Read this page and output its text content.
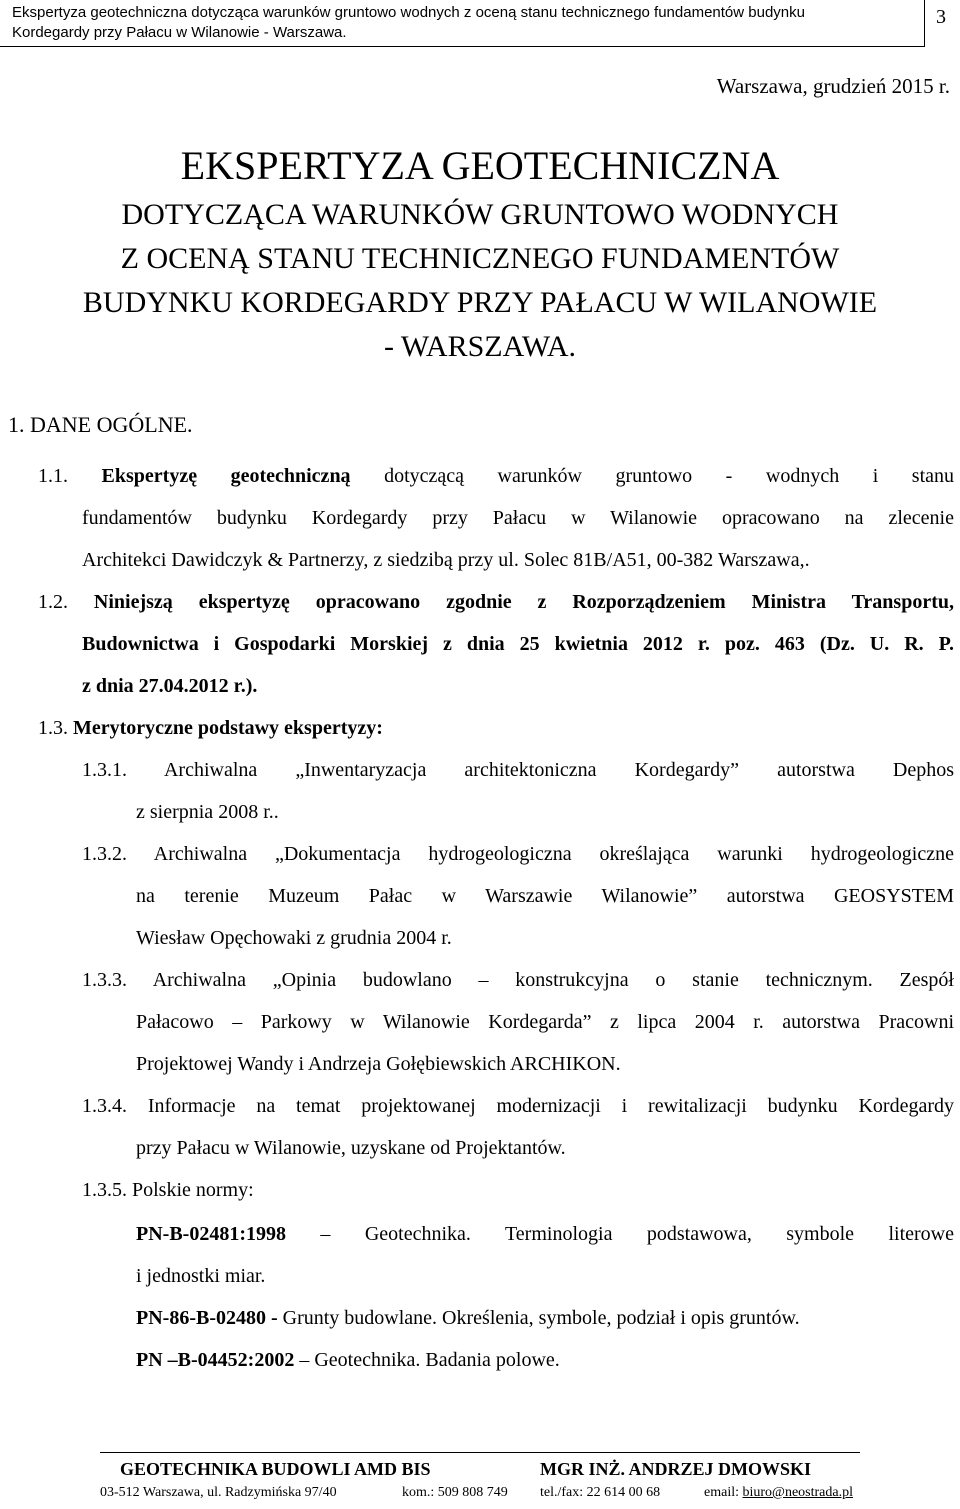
Ekspertyza geotechniczna dotycząca warunków gruntowo wodnych z oceną stanu technicznego fundamentów budynku
Kordegardy przy Pałacu w Wilanowie - Warszawa.
3
Warszawa, grudzień 2015 r.
EKSPERTYZA GEOTECHNICZNA
DOTYCZĄCA WARUNKÓW GRUNTOWO WODNYCH
Z OCENĄ STANU TECHNICZNEGO FUNDAMENTÓW
BUDYNKU KORDEGARDY PRZY PAŁACU W WILANOWIE
- WARSZAWA.
1. DANE OGÓLNE.
1.1. Ekspertyzę geotechniczną dotyczącą warunków gruntowo - wodnych i stanu
fundamentów budynku Kordegardy przy Pałacu w Wilanowie opracowano na zlecenie
Architekci Dawidczyk & Partnerzy, z siedzibą przy ul. Solec 81B/A51, 00-382 Warszawa,.
1.2. Niniejszą ekspertyzę opracowano zgodnie z Rozporządzeniem Ministra Transportu,
Budownictwa i Gospodarki Morskiej z dnia 25 kwietnia 2012 r. poz. 463 (Dz. U. R. P.
z dnia 27.04.2012 r.).
1.3. Merytoryczne podstawy ekspertyzy:
1.3.1. Archiwalna „Inwentaryzacja architektoniczna Kordegardy” autorstwa Dephos
z sierpnia 2008 r..
1.3.2. Archiwalna „Dokumentacja hydrogeologiczna określająca warunki hydrogeologiczne
na terenie Muzeum Pałac w Warszawie Wilanowie” autorstwa GEOSYSTEM
Wiesław Opęchowaki z grudnia 2004 r.
1.3.3. Archiwalna „Opinia budowlano – konstrukcyjna o stanie technicznym. Zespół
Pałacowo – Parkowy w Wilanowie Kordegarda” z lipca 2004 r. autorstwa Pracowni
Projektowej Wandy i Andrzeja Gołębiewskich ARCHIKON.
1.3.4. Informacje na temat projektowanej modernizacji i rewitalizacji budynku Kordegardy
przy Pałacu w Wilanowie, uzyskane od Projektantów.
1.3.5. Polskie normy:
PN-B-02481:1998 – Geotechnika. Terminologia podstawowa, symbole literowe
i jednostki miar.
PN-86-B-02480 - Grunty budowlane. Określenia, symbole, podział i opis gruntów.
PN –B-04452:2002 – Geotechnika. Badania polowe.
GEOTECHNIKA BUDOWLI AMD BIS	MGR INŻ. ANDRZEJ DMOWSKI
03-512 Warszawa, ul. Radzymińska 97/40	kom.: 509 808 749 tel./fax: 22 614 00 68	email: biuro@neostrada.pl
